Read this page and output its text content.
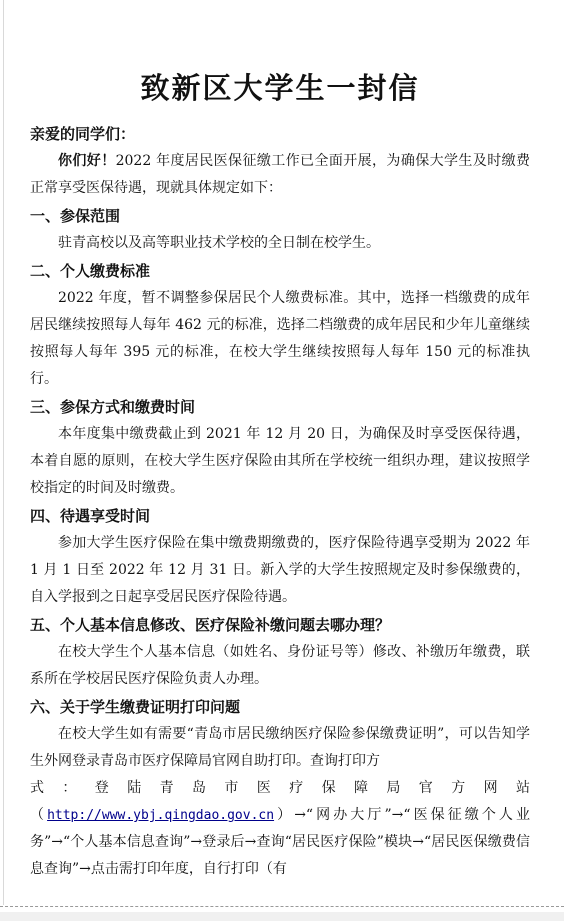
致新区大学生一封信
亲爱的同学们：

你们好！2022 年度居民医保征缴工作已全面开展，为确保大学生及时缴费正常享受医保待遇，现就具体规定如下：

一、参保范围

驻青高校以及高等职业技术学校的全日制在校学生。

二、个人缴费标准

2022 年度，暂不调整参保居民个人缴费标准。其中，选择一档缴费的成年居民继续按照每人每年 462 元的标准，选择二档缴费的成年居民和少年儿童继续按照每人每年 395 元的标准，在校大学生继续按照每人每年 150 元的标准执行。

三、参保方式和缴费时间

本年度集中缴费截止到 2021 年 12 月 20 日，为确保及时享受医保待遇，本着自愿的原则，在校大学生医疗保险由其所在学校统一组织办理，建议按照学校指定的时间及时缴费。

四、待遇享受时间

参加大学生医疗保险在集中缴费期缴费的，医疗保险待遇享受期为 2022 年 1 月 1 日至 2022 年 12 月 31 日。新入学的大学生按照规定及时参保缴费的，自入学报到之日起享受居民医疗保险待遇。

五、个人基本信息修改、医疗保险补缴问题去哪办理？

在校大学生个人基本信息（如姓名、身份证号等）修改、补缴历年缴费，联系所在学校居民医疗保险负责人办理。

六、关于学生缴费证明打印问题

在校大学生如有需要“青岛市居民缴纳医疗保险参保缴费证明”，可以告知学生外网登录青岛市医疗保障局官网自助打印。查询打印方

式 ： 登 陆 青 岛 市 医 疗 保 障 局 官 方 网 站

（http://www.ybj.qingdao.gov.cn）→“网办大厅”→“医保征缴个人业务”→“个人基本信息查询”→登录后→查询“居民医疗保险”模块→“居民医保缴费信息查询”→点击需打印年度，自行打印（有
